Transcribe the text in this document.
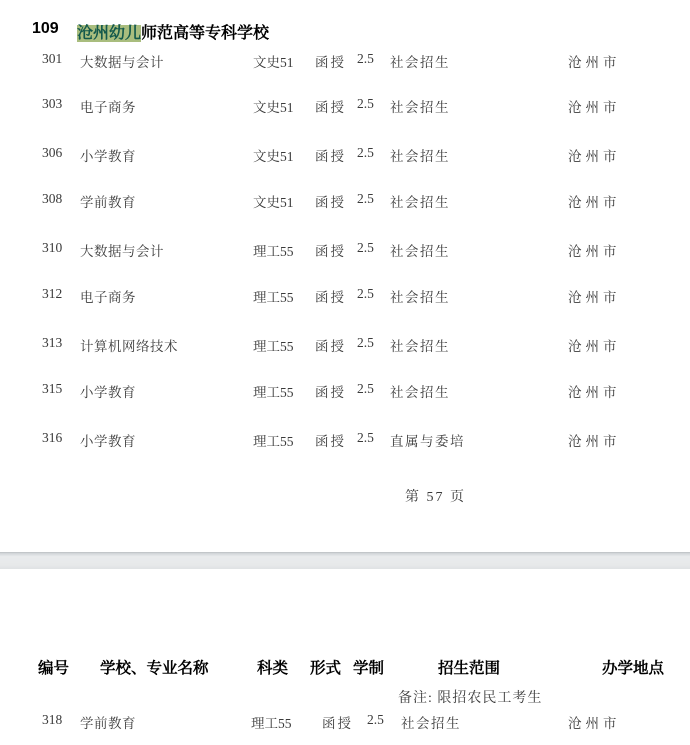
109 沧州幼儿师范高等专科学校
301 大数据与会计	文史51 函授 2.5 社会招生	沧州市
303 电子商务	文史51 函授 2.5 社会招生	沧州市
306 小学教育	文史51 函授 2.5 社会招生	沧州市
308 学前教育	文史51 函授 2.5 社会招生	沧州市
310 大数据与会计	理工55 函授 2.5 社会招生	沧州市
312 电子商务	理工55 函授 2.5 社会招生	沧州市
313 计算机网络技术	理工55 函授 2.5 社会招生	沧州市
315 小学教育	理工55 函授 2.5 社会招生	沧州市
316 小学教育	理工55 函授 2.5 直属与委培	沧州市
第 57 页
编号 学校、专业名称	科类 形式 学制	招生范围	办学地点
备注: 限招农民工考生
318 学前教育	理工55 函授 2.5 社会招生	沧州市
